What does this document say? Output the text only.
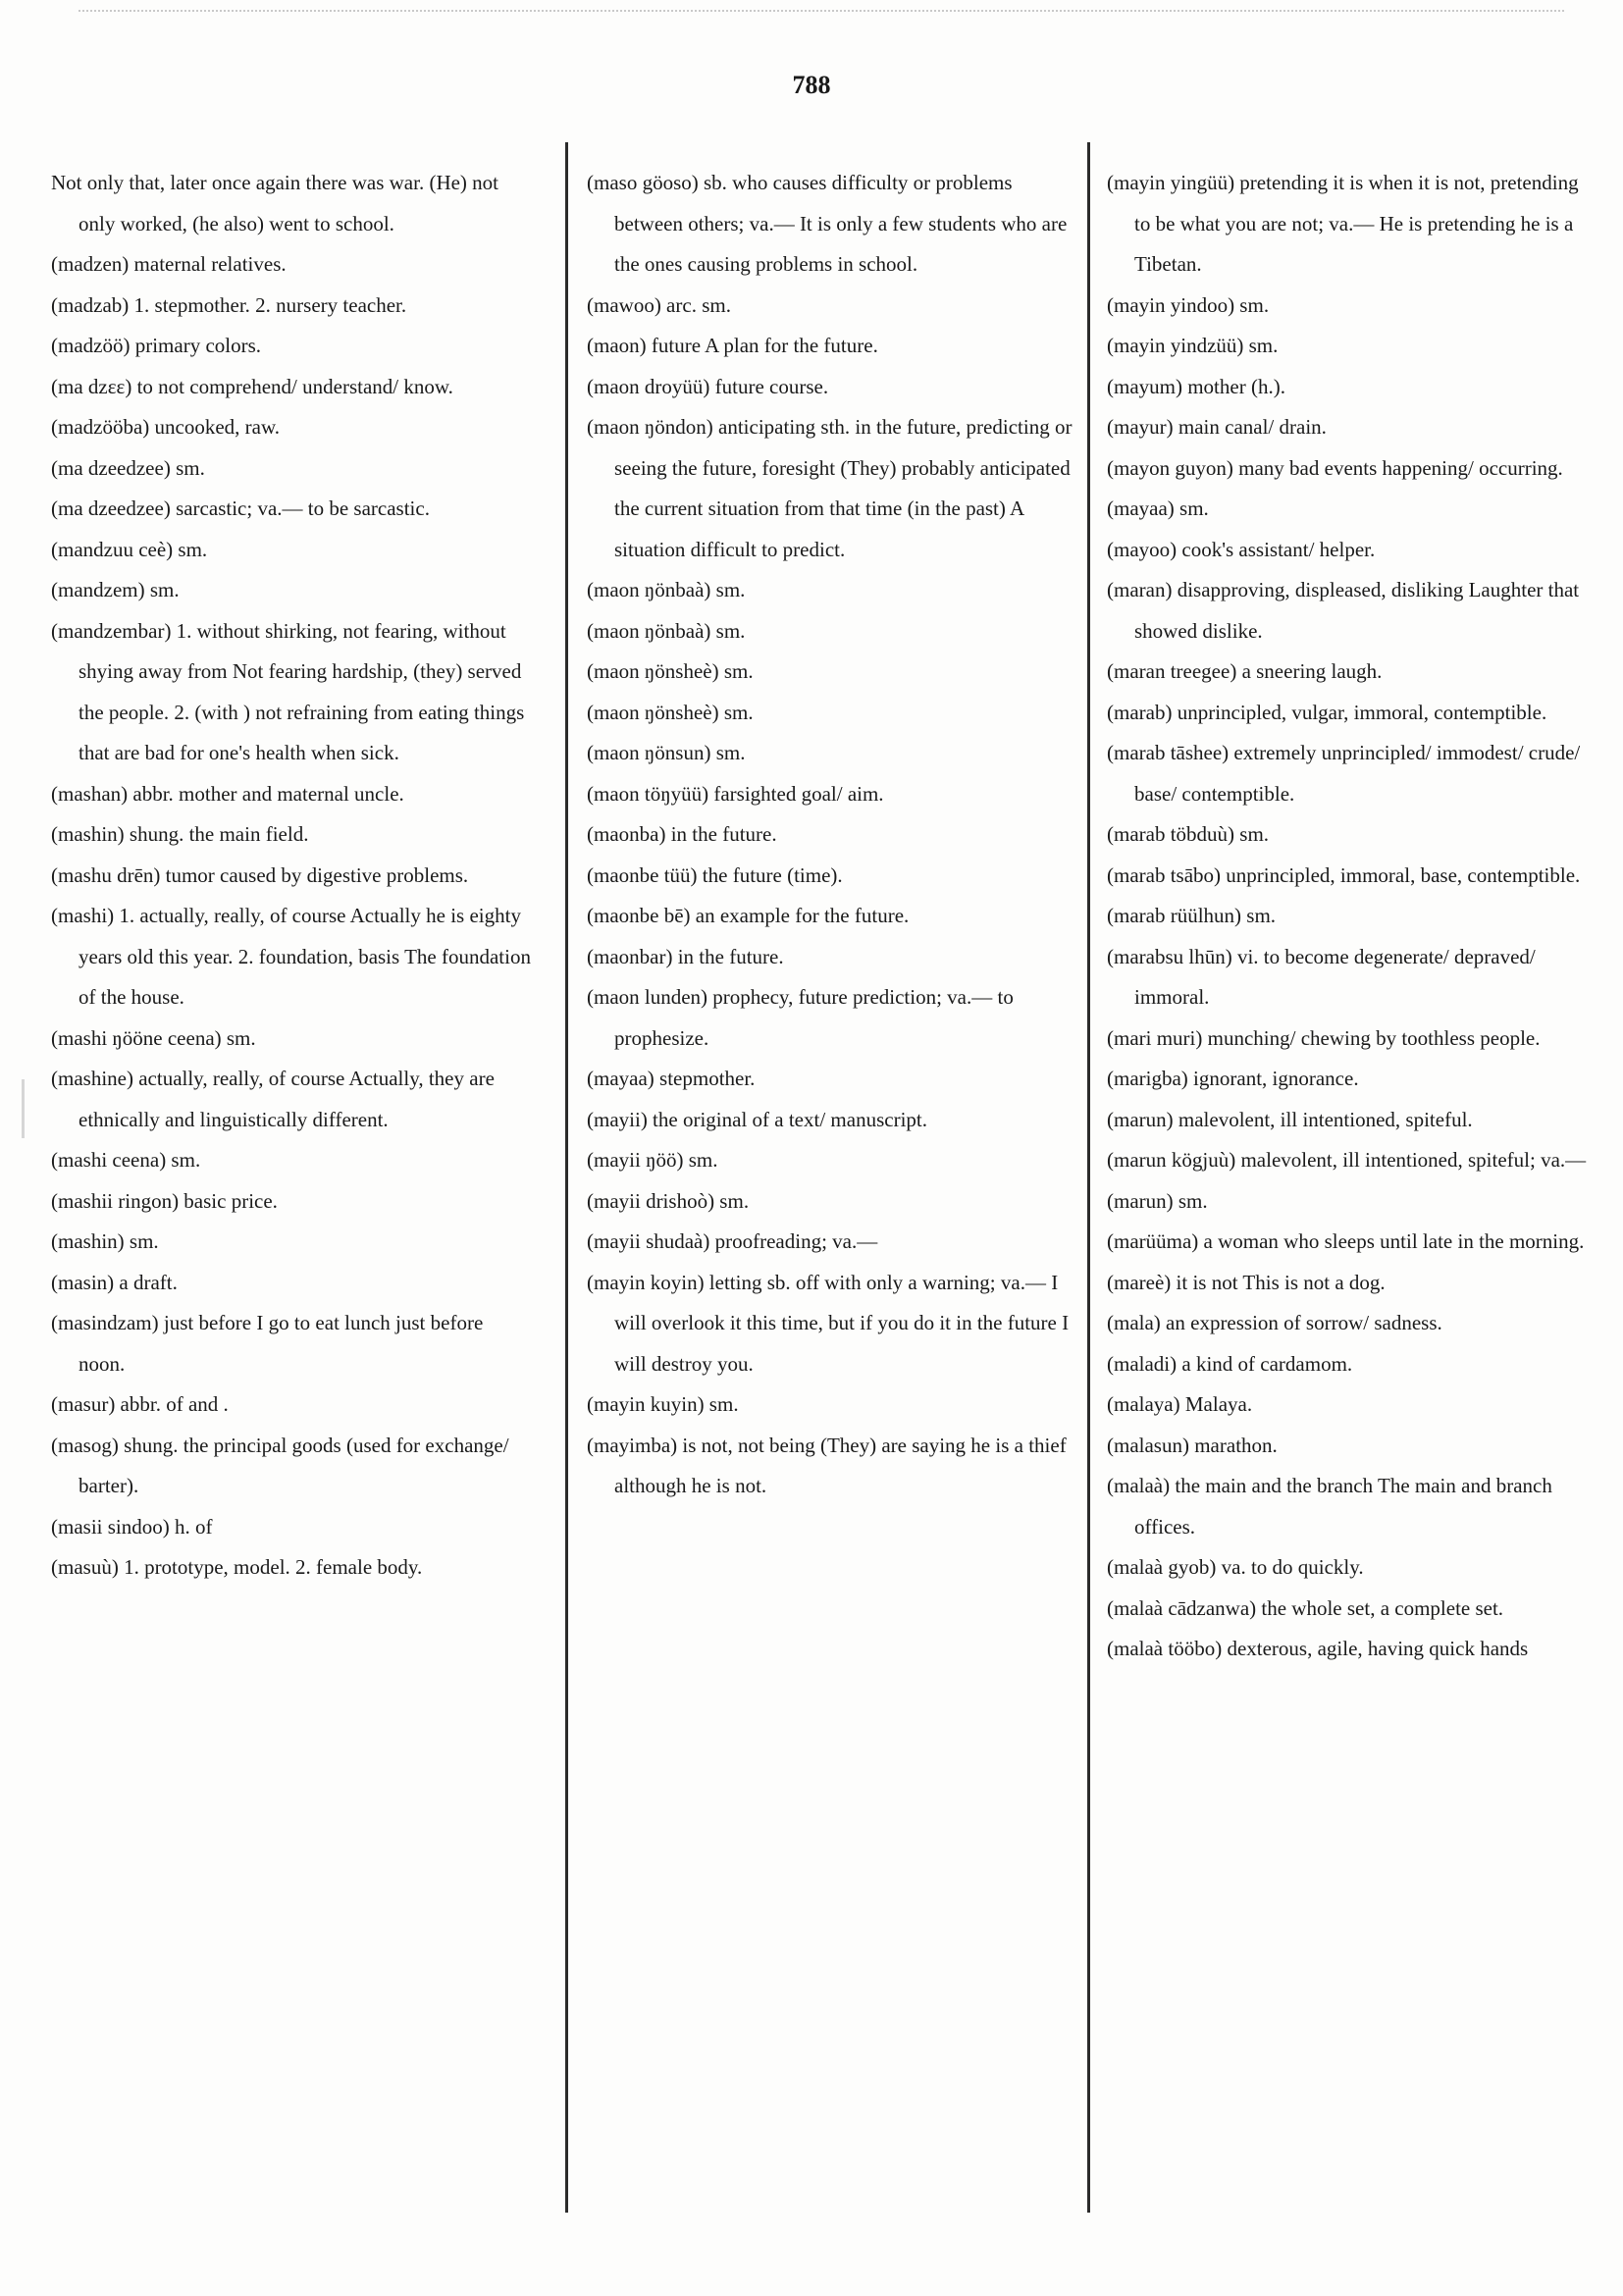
788

Not only that, later once again there was war. (He) not only worked, (he also) went to school.

(madzen) maternal relatives.

(madzab) 1. stepmother. 2. nursery teacher.

(madzöö) primary colors.

(ma dzɛɛ) to not comprehend/ understand/ know.

(madzööba) uncooked, raw.

(ma dzeedzee) sm.

(ma dzeedzee) sarcastic; va.— to be sarcastic.

(mandzuu ceè) sm.

(mandzem) sm.

(mandzembar) 1. without shirking, not fearing, without shying away from Not fearing hardship, (they) served the people. 2. (with ) not refraining from eating things that are bad for one's health when sick.

(mashan) abbr. mother and maternal uncle.

(mashin) shung. the main field.

(mashu drēn) tumor caused by digestive problems.

(mashi) 1. actually, really, of course Actually he is eighty years old this year. 2. foundation, basis The foundation of the house.

(mashi ŋööne ceena) sm.

(mashine) actually, really, of course Actually, they are ethnically and linguistically different.

(mashi ceena) sm.

(mashii ringon) basic price.

(mashin) sm.

(masin) a draft.

(masindzam) just before I go to eat lunch just before noon.

(masur) abbr. of and .

(masog) shung. the principal goods (used for exchange/ barter).

(masii sindoo) h. of

(masuù) 1. prototype, model. 2. female body.

(maso göoso) sb. who causes difficulty or problems between others; va.— It is only a few students who are the ones causing problems in school.

(mawoo) arc. sm.

(maon) future A plan for the future.

(maon droyüü) future course.

(maon ŋöndon) anticipating sth. in the future, predicting or seeing the future, foresight (They) probably anticipated the current situation from that time (in the past) A situation difficult to predict.

(maon ŋönbaà) sm.

(maon ŋönbaà) sm.

(maon ŋönsheè) sm.

(maon ŋönsheè) sm.

(maon ŋönsun) sm.

(maon töŋyüü) farsighted goal/ aim.

(maonba) in the future.

(maonbe tüü) the future (time).

(maonbe bē) an example for the future.

(maonbar) in the future.

(maon lunden) prophecy, future prediction; va.— to prophesize.

(mayaa) stepmother.

(mayii) the original of a text/ manuscript.

(mayii ŋöö) sm.

(mayii drishoò) sm.

(mayii shudaà) proofreading; va.—

(mayin koyin) letting sb. off with only a warning; va.— I will overlook it this time, but if you do it in the future I will destroy you.

(mayin kuyin) sm.

(mayimba) is not, not being (They) are saying he is a thief although he is not.

(mayin yingüü) pretending it is when it is not, pretending to be what you are not; va.— He is pretending he is a Tibetan.

(mayin yindoo) sm.

(mayin yindzüü) sm.

(mayum) mother (h.).

(mayur) main canal/ drain.

(mayon guyon) many bad events happening/ occurring.

(mayaa) sm.

(mayoo) cook's assistant/ helper.

(maran) disapproving, displeased, disliking Laughter that showed dislike.

(maran treegee) a sneering laugh.

(marab) unprincipled, vulgar, immoral, contemptible.

(marab tāshee) extremely unprincipled/ immodest/ crude/ base/ contemptible.

(marab töbduù) sm.

(marab tsābo) unprincipled, immoral, base, contemptible.

(marab rüülhun) sm.

(marabsu lhūn) vi. to become degenerate/ depraved/ immoral.

(mari muri) munching/ chewing by toothless people.

(marigba) ignorant, ignorance.

(marun) malevolent, ill intentioned, spiteful.

(marun kögjuù) malevolent, ill intentioned, spiteful; va.—

(marun) sm.

(marüüma) a woman who sleeps until late in the morning.

(mareè) it is not This is not a dog.

(mala) an expression of sorrow/ sadness.

(maladi) a kind of cardamom.

(malaya) Malaya.

(malasun) marathon.

(malaà) the main and the branch The main and branch offices.

(malaà gyob) va. to do quickly.

(malaà cādzanwa) the whole set, a complete set.

(malaà tööbo) dexterous, agile, having quick hands
